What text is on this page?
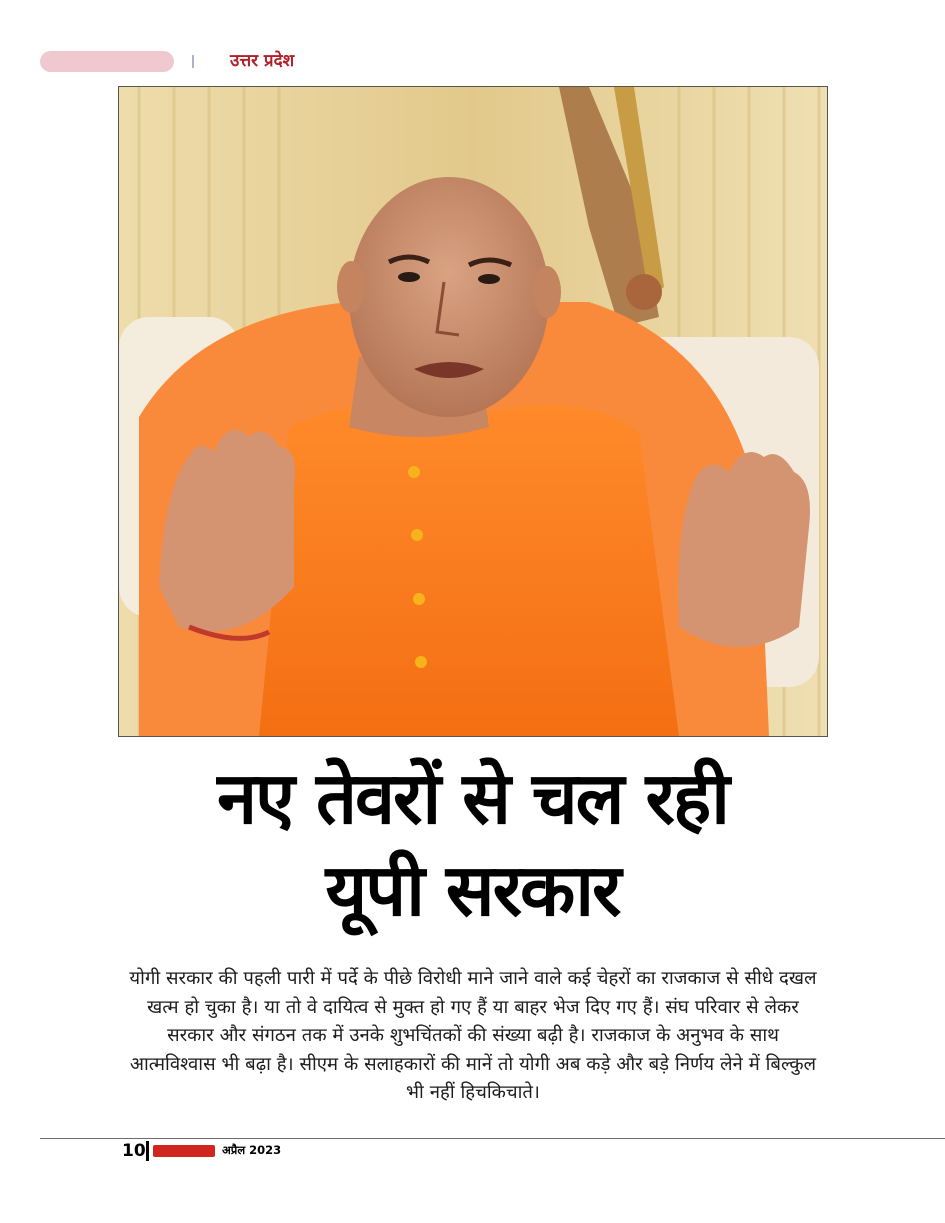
उत्तर प्रदेश
नए तेवरों से चल रही
यूपी सरकार
योगी सरकार की पहली पारी में पर्दे के पीछे विरोधी माने जाने वाले कई चेहरों का राजकाज से सीधे दखल खत्म हो चुका है। या तो वे दायित्व से मुक्त हो गए हैं या बाहर भेज दिए गए हैं। संघ परिवार से लेकर सरकार और संगठन तक में उनके शुभचिंतकों की संख्या बढ़ी है। राजकाज के अनुभव के साथ आत्मविश्वास भी बढ़ा है। सीएम के सलाहकारों की मानें तो योगी अब कड़े और बड़े निर्णय लेने में बिल्कुल भी नहीं हिचकिचाते।
10	अप्रैल 2023
